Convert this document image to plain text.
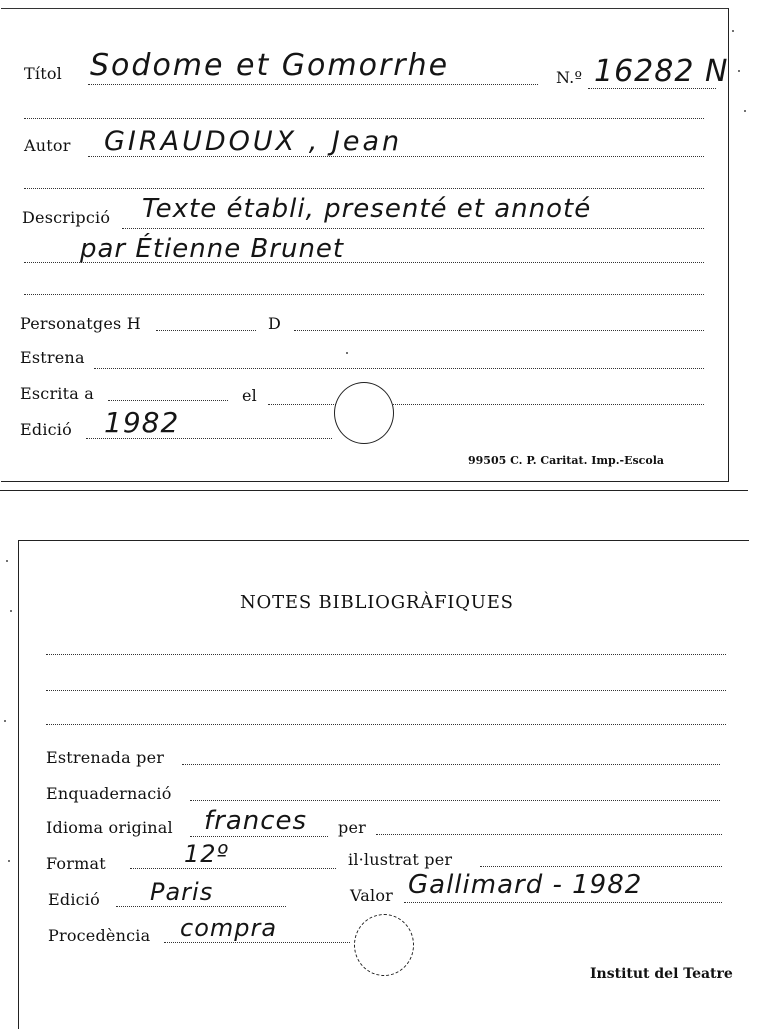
Títol Sodome et Gomorrhe	N.º 16282 N
Autor GIRAUDOUX , Jean
Descripció Texte établi, presenté et annoté
par Étienne Brunet
Personatges H	D
Estrena
Escrita a	el
Edició 1982
99505 C. P. Caritat. Imp.-Escola
NOTES BIBLIOGRÀFIQUES
Estrenada per
Enquadernació
Idioma original frances per
Format	12º	il·lustrat per
Edició Paris	Valor Gallimard - 1982
Procedència compra
Institut del Teatre
